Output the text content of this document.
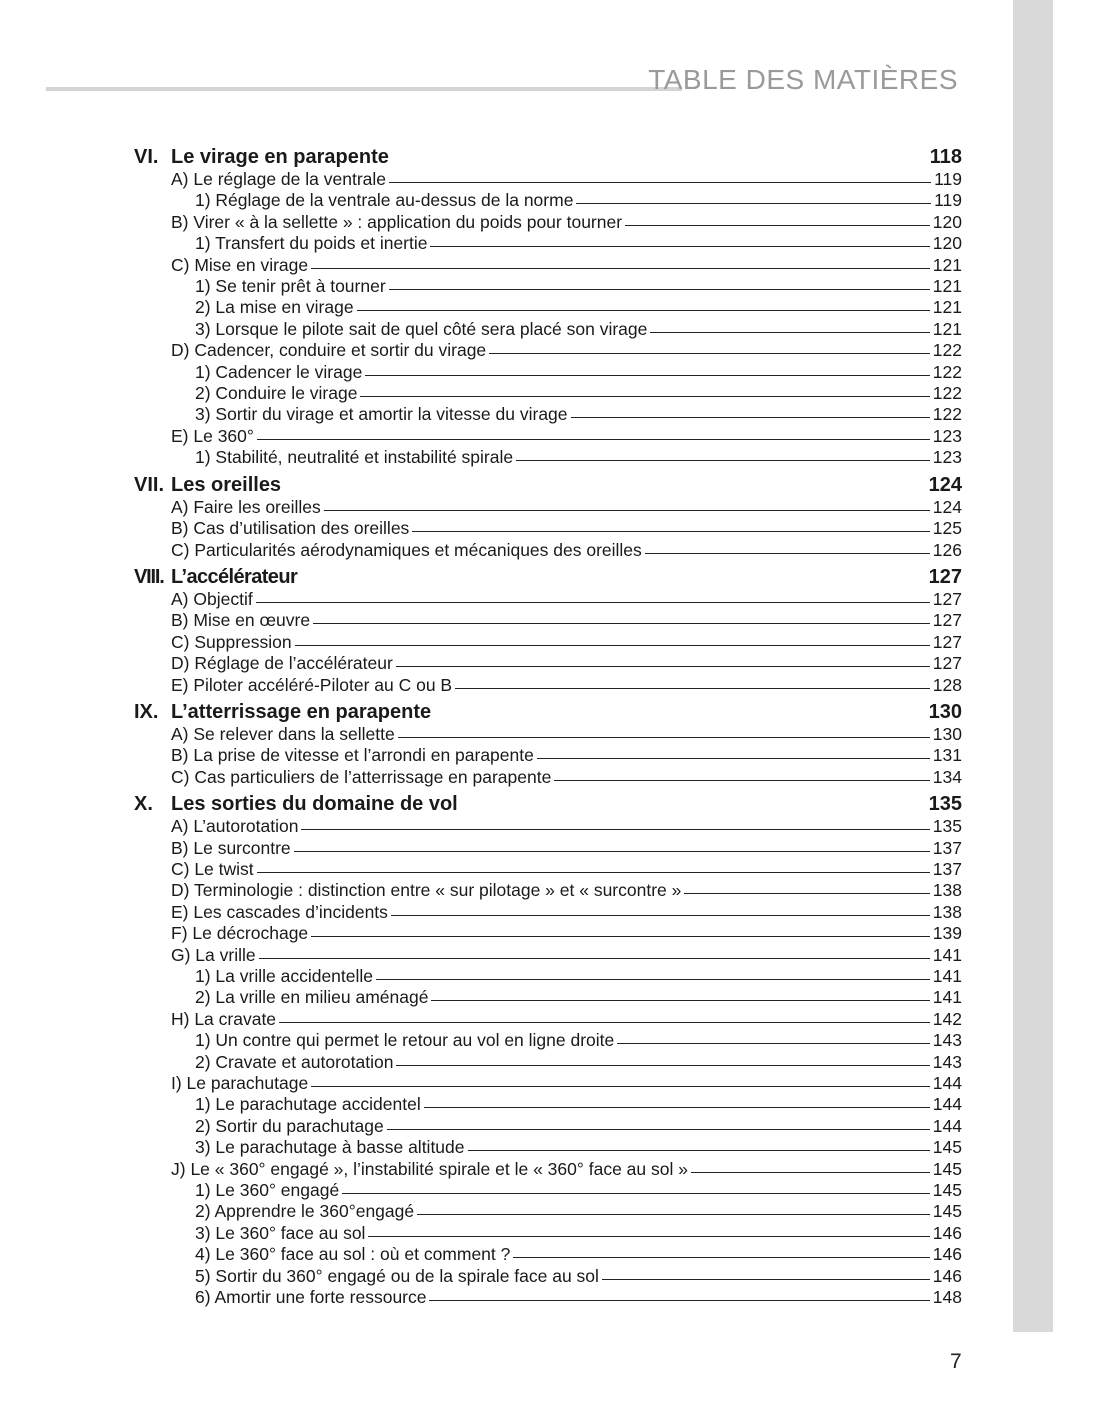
TABLE DES MATIÈRES
VI. Le virage en parapente	118
A) Le réglage de la ventrale	119
1) Réglage de la ventrale au-dessus de la norme	119
B) Virer « à la sellette » : application du poids pour tourner	120
1) Transfert du poids et inertie	120
C) Mise en virage	121
1) Se tenir prêt à tourner	121
2) La mise en virage	121
3) Lorsque le pilote sait de quel côté sera placé son virage	121
D) Cadencer, conduire et sortir du virage	122
1) Cadencer le virage	122
2) Conduire le virage	122
3) Sortir du virage et amortir la vitesse du virage	122
E) Le 360°	123
1) Stabilité, neutralité et instabilité spirale	123
VII. Les oreilles	124
A) Faire les oreilles	124
B) Cas d’utilisation des oreilles	125
C) Particularités aérodynamiques et mécaniques des oreilles	126
VIII. L’accélérateur	127
A) Objectif	127
B) Mise en œuvre	127
C) Suppression	127
D) Réglage de l’accélérateur	127
E) Piloter accéléré-Piloter au C ou B	128
IX. L’atterrissage en parapente	130
A) Se relever dans la sellette	130
B) La prise de vitesse et l’arrondi en parapente	131
C) Cas particuliers de l’atterrissage en parapente	134
X. Les sorties du domaine de vol	135
A) L’autorotation	135
B) Le surcontre	137
C) Le twist	137
D) Terminologie : distinction entre « sur pilotage » et « surcontre »	138
E) Les cascades d’incidents	138
F) Le décrochage	139
G) La vrille	141
1) La vrille accidentelle	141
2) La vrille en milieu aménagé	141
H) La cravate	142
1) Un contre qui permet le retour au vol en ligne droite	143
2) Cravate et autorotation	143
I) Le parachutage	144
1) Le parachutage accidentel	144
2) Sortir du parachutage	144
3) Le parachutage à basse altitude	145
J) Le « 360° engagé », l’instabilité spirale et le « 360° face au sol »	145
1) Le 360° engagé	145
2) Apprendre le 360°engagé	145
3) Le 360° face au sol	146
4) Le 360° face au sol : où et comment ?	146
5) Sortir du 360° engagé ou de la spirale face au sol	146
6) Amortir une forte ressource	148
7
